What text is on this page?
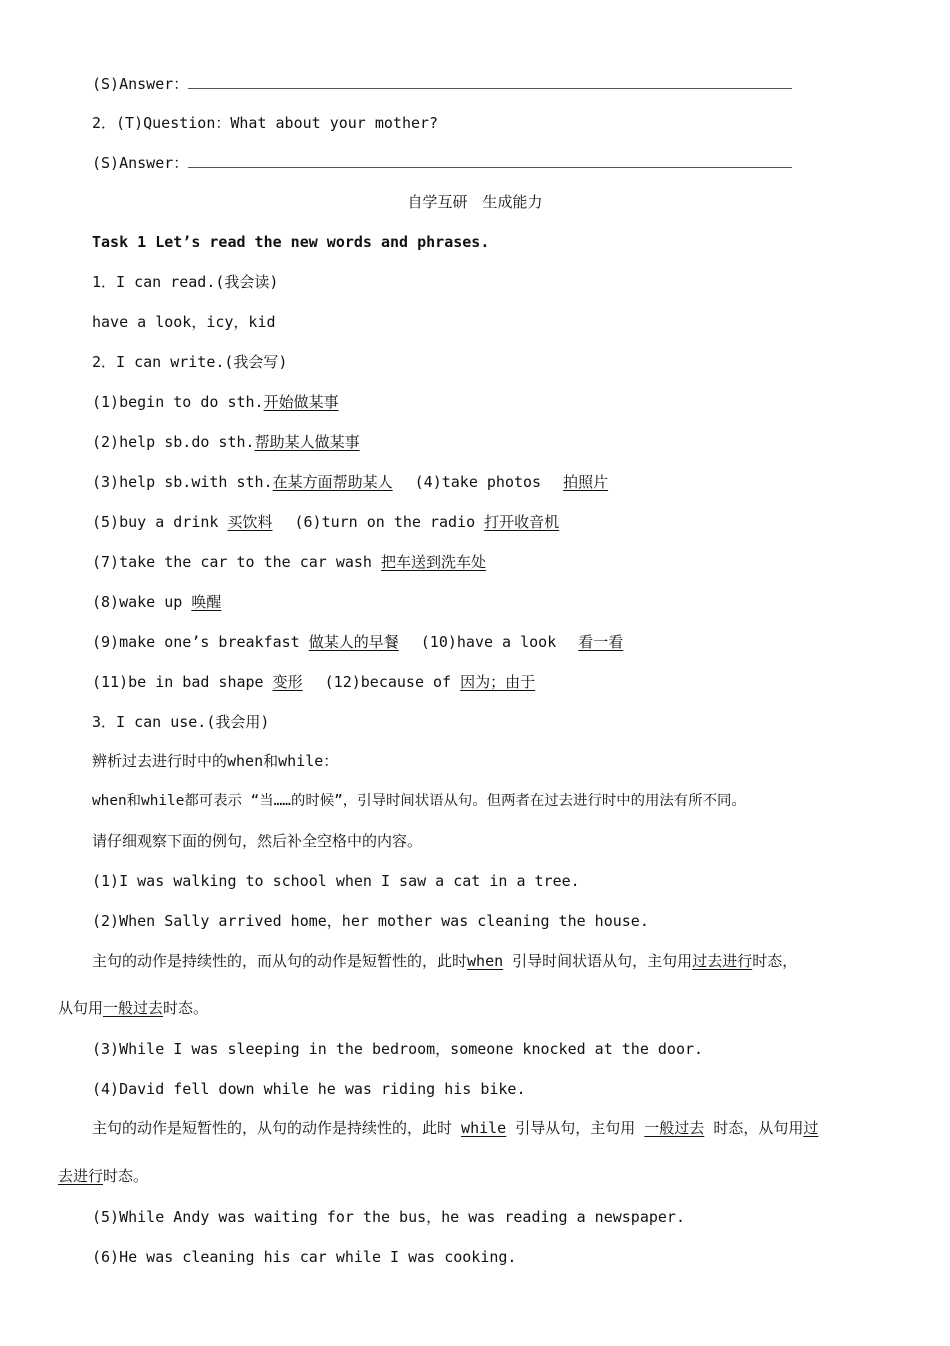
(S)Answer：
2．(T)Question：What about your mother?
(S)Answer：
自学互研　生成能力
Task 1 Let’s read the new words and phrases.
1．I can read.(我会读)
have a look，icy，kid
2．I can write.(我会写)
(1)begin to do sth.开始做某事
(2)help sb.do sth.帮助某人做某事
(3)help sb.with sth.在某方面帮助某人 (4)take photos 拍照片
(5)buy a drink 买饮料 (6)turn on the radio 打开收音机
(7)take the car to the car wash 把车送到洗车处
(8)wake up 唤醒
(9)make one’s breakfast 做某人的早餐 (10)have a look 看一看
(11)be in bad shape 变形 (12)because of 因为；由于
3．I can use.(我会用)
辨析过去进行时中的when和while：
when和while都可表示 “当……的时候”，引导时间状语从句。但两者在过去进行时中的用法有所不同。
请仔细观察下面的例句，然后补全空格中的内容。
(1)I was walking to school when I saw a cat in a tree.
(2)When Sally arrived home，her mother was cleaning the house.
主句的动作是持续性的，而从句的动作是短暂性的，此时when 引导时间状语从句，主句用过去进行时态，
从句用一般过去时态。
(3)While I was sleeping in the bedroom，someone knocked at the door.
(4)David fell down while he was riding his bike.
主句的动作是短暂性的，从句的动作是持续性的，此时 while 引导从句，主句用 一般过去 时态，从句用过
去进行时态。
(5)While Andy was waiting for the bus，he was reading a newspaper.
(6)He was cleaning his car while I was cooking.
